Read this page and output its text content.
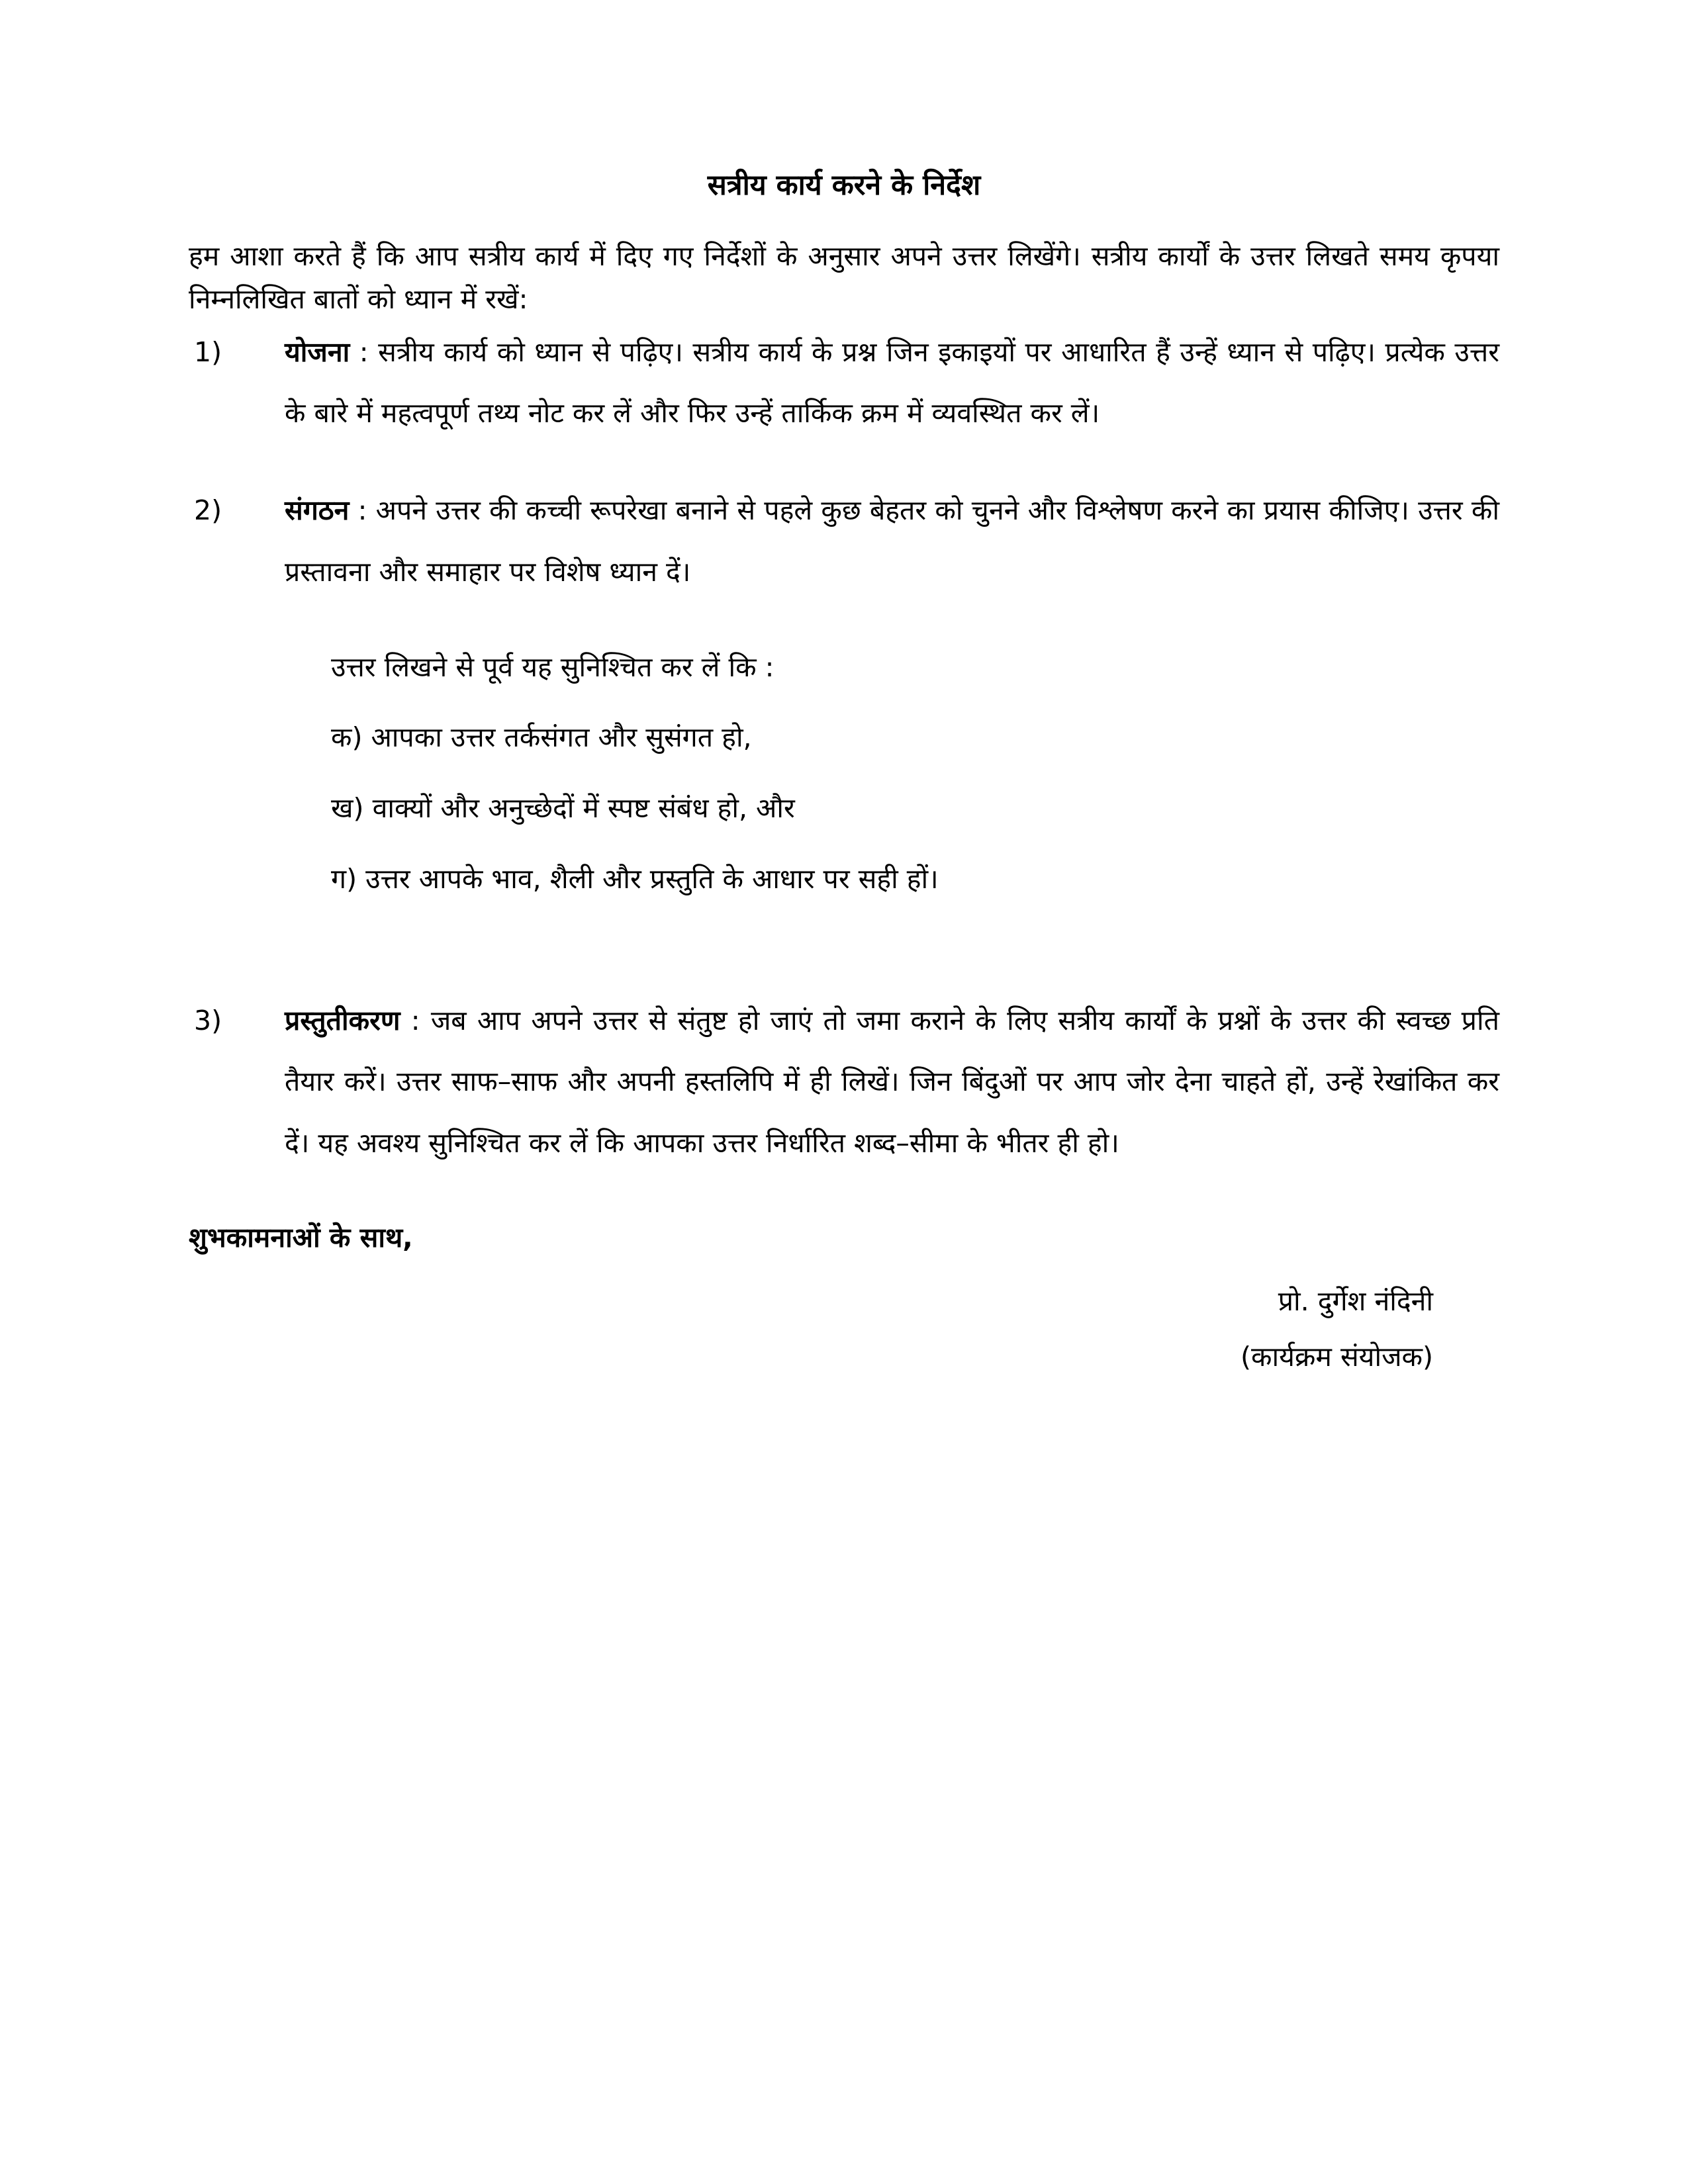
सत्रीय कार्य करने के निर्देश

हम आशा करते हैं कि आप सत्रीय कार्य में दिए गए निर्देशों के अनुसार अपने उत्तर लिखेंगे। सत्रीय कार्यों के उत्तर लिखते समय कृपया निम्नलिखित बातों को ध्यान में रखें:

1) योजना : सत्रीय कार्य को ध्यान से पढ़िए। सत्रीय कार्य के प्रश्न जिन इकाइयों पर आधारित हैं उन्हें ध्यान से पढ़िए। प्रत्येक उत्तर के बारे में महत्वपूर्ण तथ्य नोट कर लें और फिर उन्हें तार्किक क्रम में व्यवस्थित कर लें।

2) संगठन : अपने उत्तर की कच्ची रूपरेखा बनाने से पहले कुछ बेहतर को चुनने और विश्लेषण करने का प्रयास कीजिए। उत्तर की प्रस्तावना और समाहार पर विशेष ध्यान दें।

उत्तर लिखने से पूर्व यह सुनिश्चित कर लें कि :

क) आपका उत्तर तर्कसंगत और सुसंगत हो,

ख) वाक्यों और अनुच्छेदों में स्पष्ट संबंध हो, और

ग) उत्तर आपके भाव, शैली और प्रस्तुति के आधार पर सही हों।

3) प्रस्तुतीकरण : जब आप अपने उत्तर से संतुष्ट हो जाएं तो जमा कराने के लिए सत्रीय कार्यों के प्रश्नों के उत्तर की स्वच्छ प्रति तैयार करें। उत्तर साफ–साफ और अपनी हस्तलिपि में ही लिखें। जिन बिंदुओं पर आप जोर देना चाहते हों, उन्हें रेखांकित कर दें। यह अवश्य सुनिश्चित कर लें कि आपका उत्तर निर्धारित शब्द–सीमा के भीतर ही हो।

शुभकामनाओं के साथ,

प्रो. दुर्गेश नंदिनी

(कार्यक्रम संयोजक)
